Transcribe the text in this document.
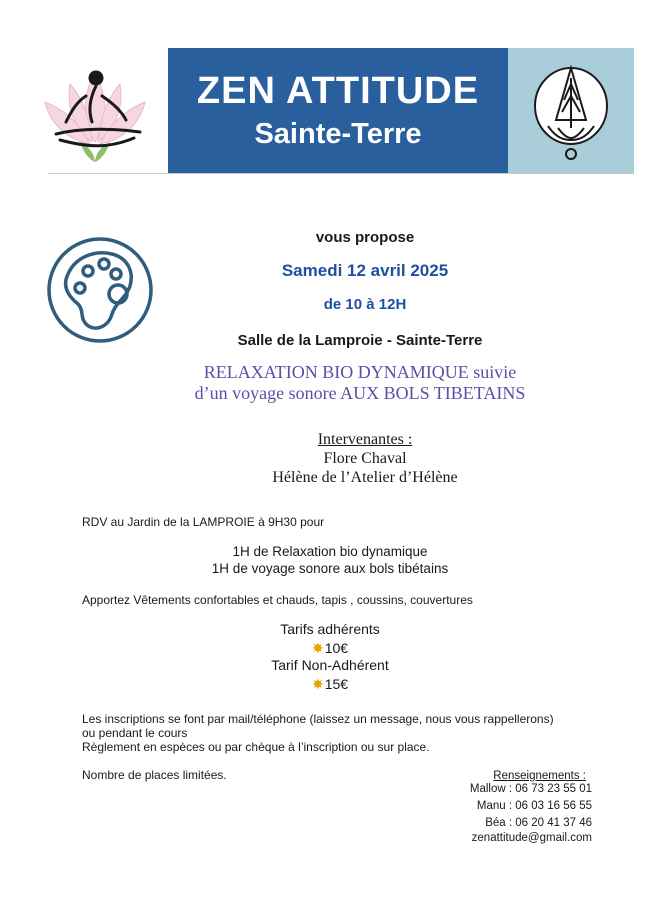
ZEN ATTITUDE
Sainte-Terre
vous propose
Samedi 12 avril 2025
de 10 à 12H
Salle de la Lamproie - Sainte-Terre
RELAXATION BIO DYNAMIQUE suivie
d’un voyage sonore AUX BOLS TIBETAINS
Intervenantes :
Flore Chaval
Hélène de l’Atelier d’Hélène
RDV au Jardin de la LAMPROIE à 9H30 pour
1H de Relaxation bio dynamique
1H de voyage sonore aux bols tibétains
Apportez Vêtements confortables et chauds, tapis , coussins, couvertures
Tarifs adhérents
✸10€
Tarif Non-Adhérent
✸15€
Les inscriptions se font par mail/téléphone (laissez un message, nous vous rappellerons)
ou pendant le cours
Règlement en espèces ou par chèque à l’inscription ou sur place.
Nombre de places limitées.	Renseignements :
Mallow : 06 73 23 55 01
Manu : 06 03 16 56 55
Béa : 06 20 41 37 46
zenattitude@gmail.com
